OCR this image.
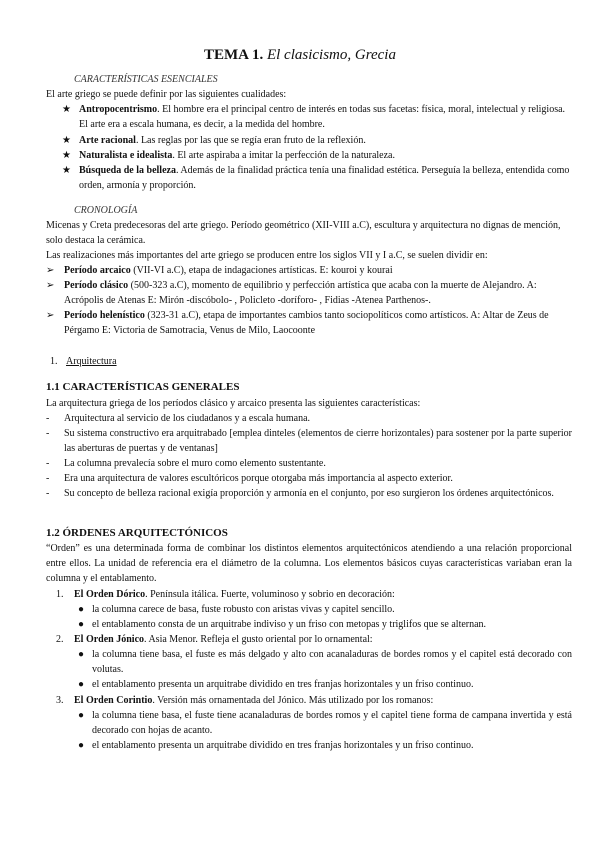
TEMA 1. El clasicismo, Grecia
CARACTERÍSTICAS ESENCIALES
El arte griego se puede definir por las siguientes cualidades:
★ Antropocentrismo. El hombre era el principal centro de interés en todas sus facetas: física, moral, intelectual y religiosa. El arte era a escala humana, es decir, a la medida del hombre.
★ Arte racional. Las reglas por las que se regía eran fruto de la reflexión.
★ Naturalista e idealista. El arte aspiraba a imitar la perfección de la naturaleza.
★ Búsqueda de la belleza. Además de la finalidad práctica tenía una finalidad estética. Perseguía la belleza, entendida como orden, armonía y proporción.
CRONOLOGÍA
Micenas y Creta predecesoras del arte griego. Período geométrico (XII-VIII a.C), escultura y arquitectura no dignas de mención, solo destaca la cerámica.
Las realizaciones más importantes del arte griego se producen entre los siglos VII y I a.C, se suelen dividir en:
➢ Período arcaico (VII-VI a.C), etapa de indagaciones artísticas. E: kouroi y kourai
➢ Período clásico (500-323 a.C), momento de equilibrio y perfección artística que acaba con la muerte de Alejandro. A: Acrópolis de Atenas E: Mirón -discóbolo- , Policleto -doríforo- , Fidias -Atenea Parthenos-.
➢ Período helenístico (323-31 a.C), etapa de importantes cambios tanto sociopolíticos como artísticos. A: Altar de Zeus de Pérgamo E: Victoria de Samotracia, Venus de Milo, Laocoonte
1. Arquitectura
1.1 CARACTERÍSTICAS GENERALES
La arquitectura griega de los períodos clásico y arcaico presenta las siguientes características:
- Arquitectura al servicio de los ciudadanos y a escala humana.
- Su sistema constructivo era arquitrabado [emplea dinteles (elementos de cierre horizontales) para sostener por la parte superior las aberturas de puertas y de ventanas]
- La columna prevalecía sobre el muro como elemento sustentante.
- Era una arquitectura de valores escultóricos porque otorgaba más importancia al aspecto exterior.
- Su concepto de belleza racional exigía proporción y armonía en el conjunto, por eso surgieron los órdenes arquitectónicos.
1.2 ÓRDENES ARQUITECTÓNICOS
“Orden” es una determinada forma de combinar los distintos elementos arquitectónicos atendiendo a una relación proporcional entre ellos. La unidad de referencia era el diámetro de la columna. Los elementos básicos cuyas características variaban eran la columna y el entablamento.
1. El Orden Dórico. Península itálica. Fuerte, voluminoso y sobrio en decoración:
● la columna carece de basa, fuste robusto con aristas vivas y capitel sencillo.
● el entablamento consta de un arquitrabe indiviso y un friso con metopas y triglifos que se alternan.
2. El Orden Jónico. Asia Menor. Refleja el gusto oriental por lo ornamental:
● la columna tiene basa, el fuste es más delgado y alto con acanaladuras de bordes romos y el capitel está decorado con volutas.
● el entablamento presenta un arquitrabe dividido en tres franjas horizontales y un friso continuo.
3. El Orden Corintio. Versión más ornamentada del Jónico. Más utilizado por los romanos:
● la columna tiene basa, el fuste tiene acanaladuras de bordes romos y el capitel tiene forma de campana invertida y está decorado con hojas de acanto.
● el entablamento presenta un arquitrabe dividido en tres franjas horizontales y un friso continuo.
